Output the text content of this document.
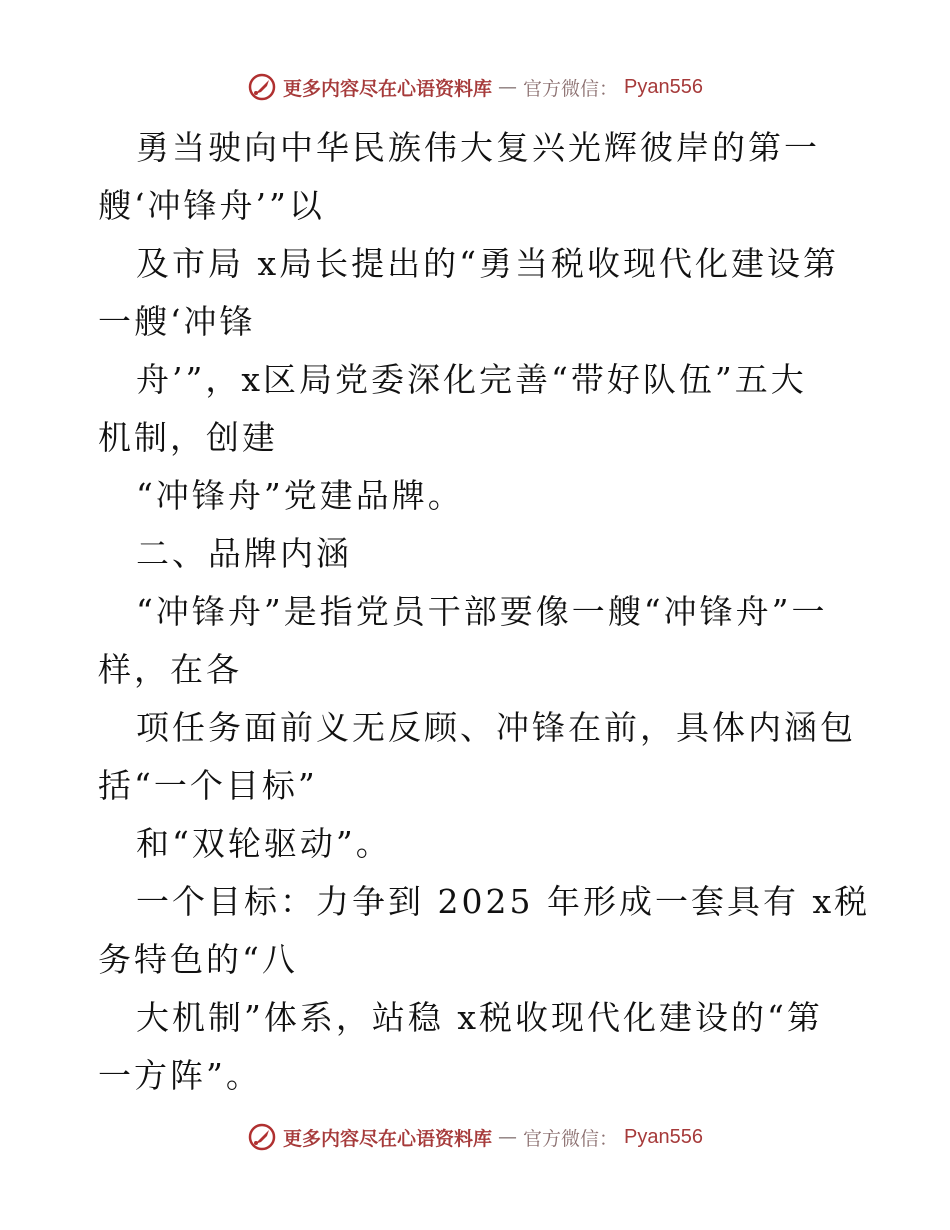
更多内容尽在心语资料库 — 官方微信： Pyan556
勇当驶向中华民族伟大复兴光辉彼岸的第一
艘‘冲锋舟’”以
及市局 x局长提出的“勇当税收现代化建设第
一艘‘冲锋
舟’”，x区局党委深化完善“带好队伍”五大
机制，创建
“冲锋舟”党建品牌。
二、品牌内涵
“冲锋舟”是指党员干部要像一艘“冲锋舟”一
样，在各
项任务面前义无反顾、冲锋在前，具体内涵包
括“一个目标”
和“双轮驱动”。
一个目标：力争到 2025 年形成一套具有 x税
务特色的“八
大机制”体系，站稳 x税收现代化建设的“第
一方阵”。
更多内容尽在心语资料库 — 官方微信： Pyan556
